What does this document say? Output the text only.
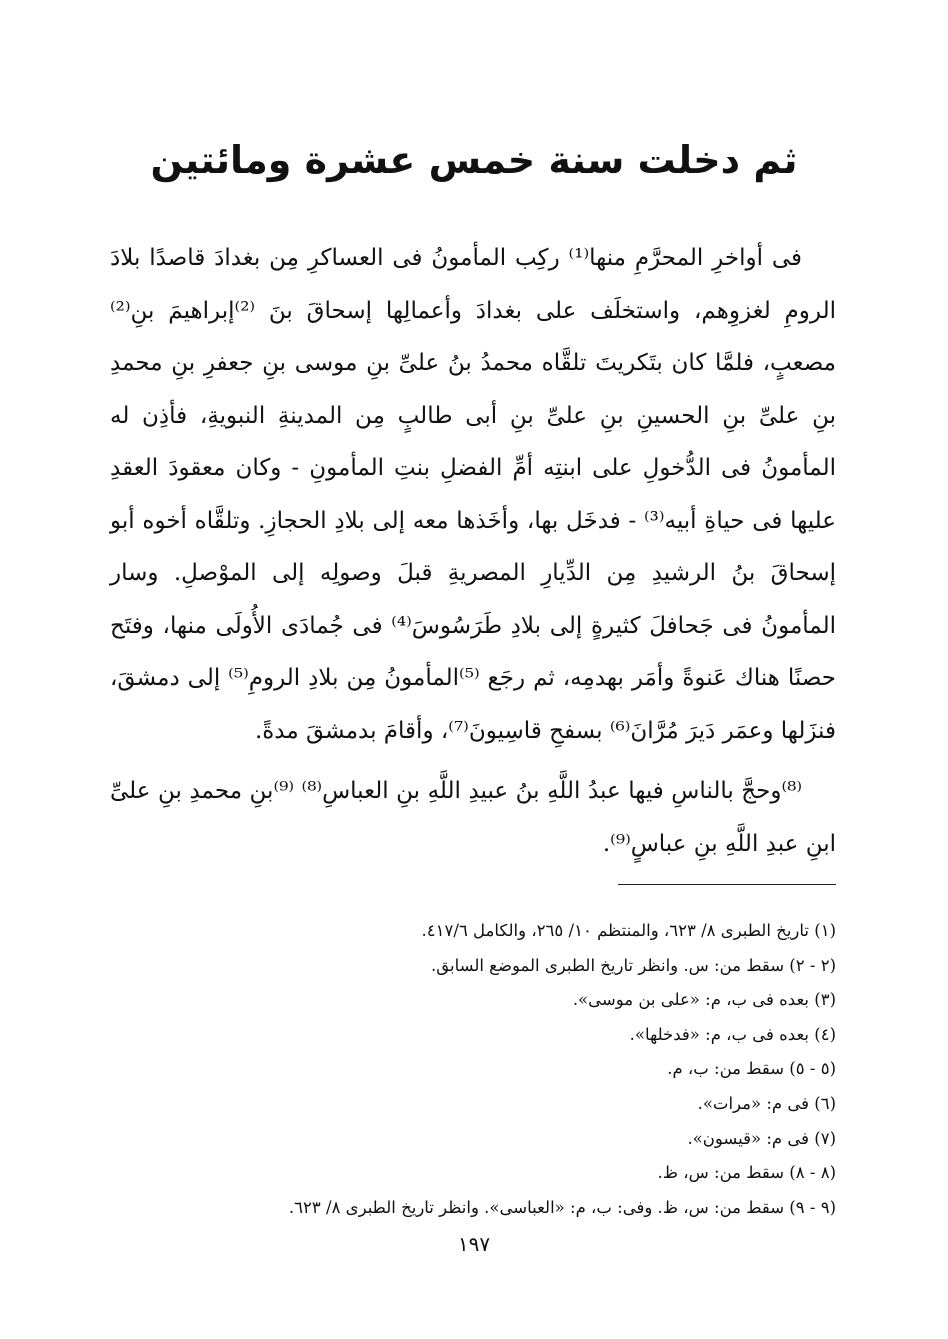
ثم دخلت سنة خمس عشرة ومائتين

فى أواخرِ المحرَّمِ منها⁽¹⁾ ركِب المأمونُ فى العساكرِ مِن بغدادَ قاصدًا بلادَ الرومِ لغزوِهم، واستخلَف على بغدادَ وأعمالِها إسحاقَ بنَ ⁽²⁾إبراهيمَ بنِ⁽²⁾ مصعبٍ، فلمَّا كان بتَكريتَ تلقَّاه محمدُ بنُ علىِّ بنِ موسى بنِ جعفرِ بنِ محمدِ بنِ علىِّ بنِ الحسينِ بنِ علىِّ بنِ أبى طالبٍ مِن المدينةِ النبويةِ، فأذِن له المأمونُ فى الدُّخولِ على ابنتِه أمِّ الفضلِ بنتِ المأمونِ - وكان معقودَ العقدِ عليها فى حياةِ أبيه⁽³⁾ - فدخَل بها، وأخَذها معه إلى بلادِ الحجازِ. وتلقَّاه أخوه أبو إسحاقَ بنُ الرشيدِ مِن الدِّيارِ المصريةِ قبلَ وصولِه إلى الموْصلِ. وسار المأمونُ فى جَحافلَ كثيرةٍ إلى بلادِ طَرَسُوسَ⁽⁴⁾ فى جُمادَى الأُولَى منها، وفتَح حصنًا هناك عَنوةً وأمَر بهدمِه، ثم رجَع ⁽⁵⁾المأمونُ مِن بلادِ الرومِ⁽⁵⁾ إلى دمشقَ، فنزَلها وعمَر دَيرَ مُرَّانَ⁽⁶⁾ بسفحِ قاسِيونَ⁽⁷⁾، وأقامَ بدمشقَ مدةً.

⁽⁸⁾وحجَّ بالناسِ فيها عبدُ اللَّهِ بنُ عبيدِ اللَّهِ بنِ العباسِ⁽⁸⁾ ⁽⁹⁾بنِ محمدِ بنِ علىِّ ابنِ عبدِ اللَّهِ بنِ عباسٍ⁽⁹⁾.

(١) تاريخ الطبرى ٨/ ٦٢٣، والمنتظم ١٠/ ٢٦٥، والكامل ٤١٧/٦.
(٢ - ٢) سقط من: س. وانظر تاريخ الطبرى الموضع السابق.
(٣) بعده فى ب، م: «على بن موسى».
(٤) بعده فى ب، م: «فدخلها».
(٥ - ٥) سقط من: ب، م.
(٦) فى م: «مرات».
(٧) فى م: «قيسون».
(٨ - ٨) سقط من: س، ظ.
(٩ - ٩) سقط من: س، ظ. وفى: ب، م: «العباسى». وانظر تاريخ الطبرى ٨/ ٦٢٣.
١٩٧
